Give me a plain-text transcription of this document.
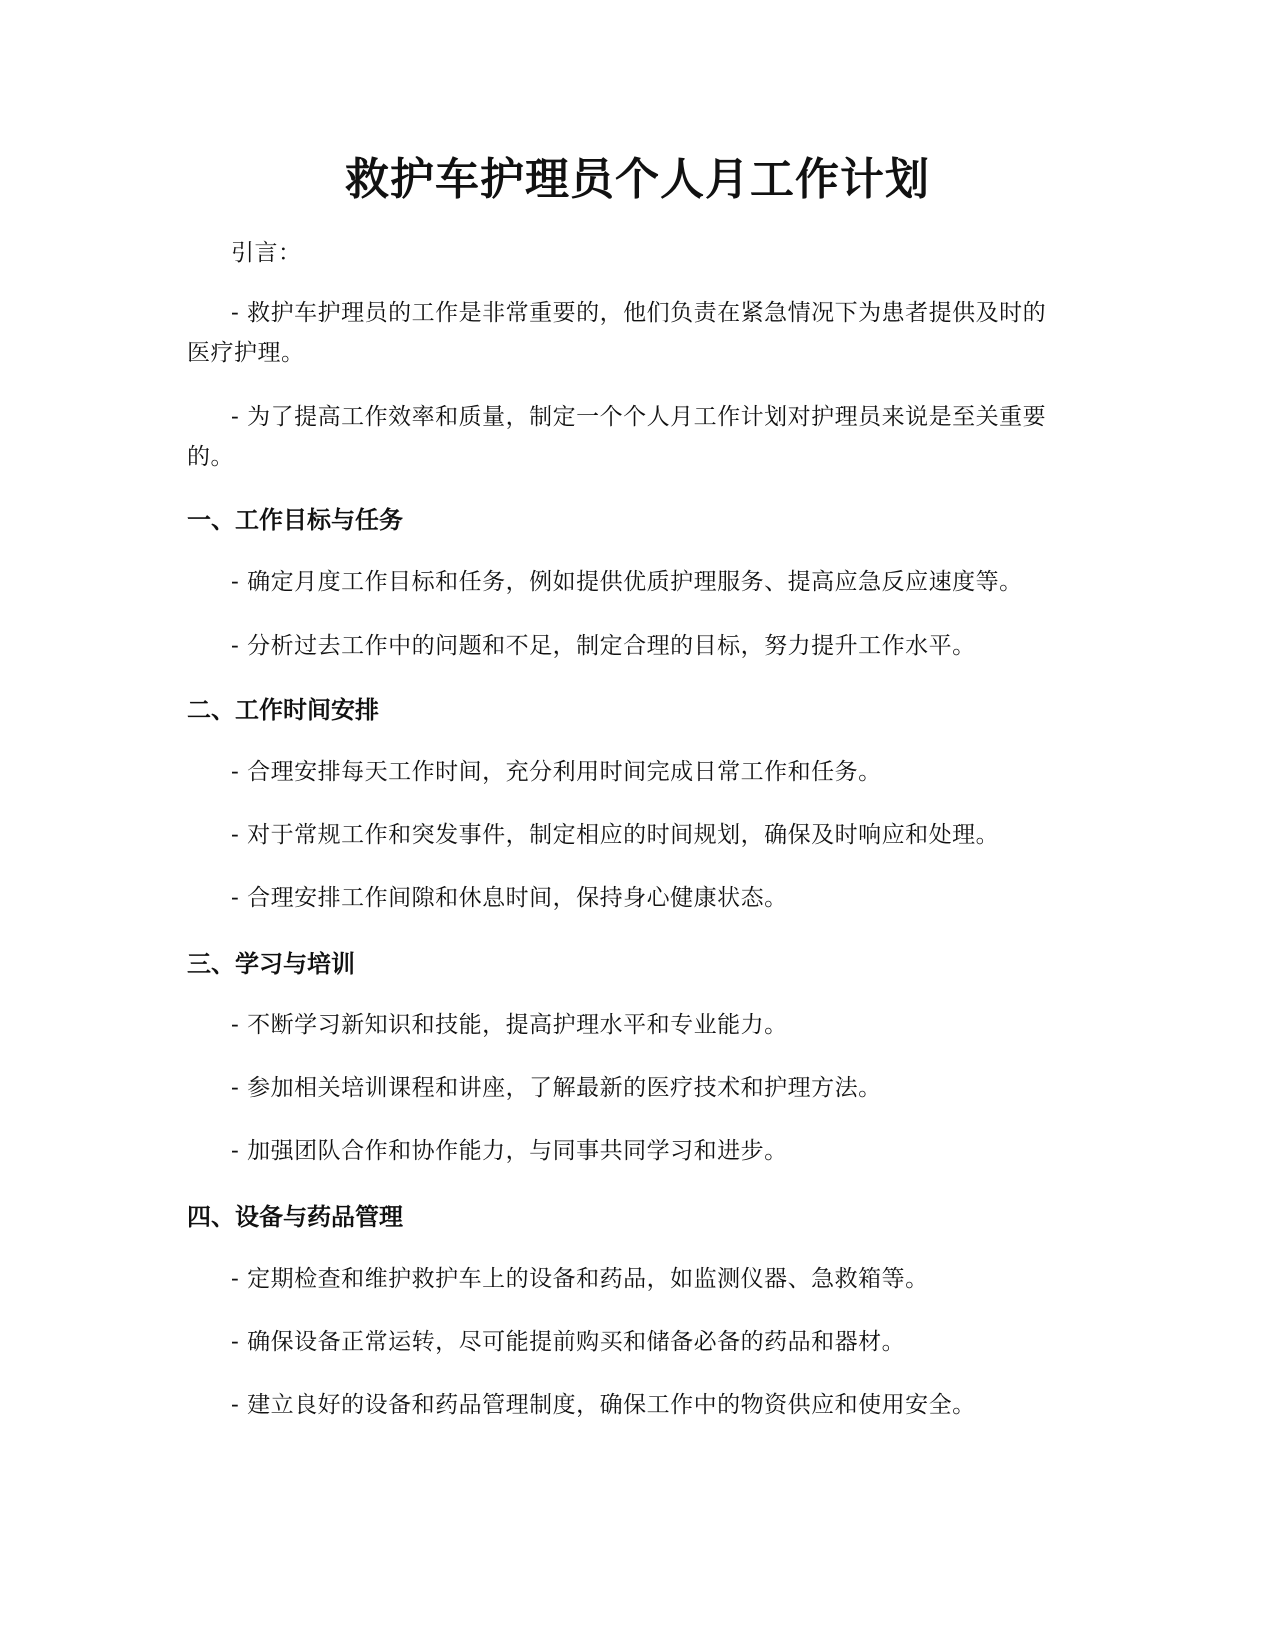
救护车护理员个人月工作计划

引言：

- 救护车护理员的工作是非常重要的，他们负责在紧急情况下为患者提供及时的医疗护理。

- 为了提高工作效率和质量，制定一个个人月工作计划对护理员来说是至关重要的。

一、工作目标与任务

- 确定月度工作目标和任务，例如提供优质护理服务、提高应急反应速度等。

- 分析过去工作中的问题和不足，制定合理的目标，努力提升工作水平。

二、工作时间安排

- 合理安排每天工作时间，充分利用时间完成日常工作和任务。

- 对于常规工作和突发事件，制定相应的时间规划，确保及时响应和处理。

- 合理安排工作间隙和休息时间，保持身心健康状态。

三、学习与培训

- 不断学习新知识和技能，提高护理水平和专业能力。

- 参加相关培训课程和讲座，了解最新的医疗技术和护理方法。

- 加强团队合作和协作能力，与同事共同学习和进步。

四、设备与药品管理

- 定期检查和维护救护车上的设备和药品，如监测仪器、急救箱等。

- 确保设备正常运转，尽可能提前购买和储备必备的药品和器材。

- 建立良好的设备和药品管理制度，确保工作中的物资供应和使用安全。
